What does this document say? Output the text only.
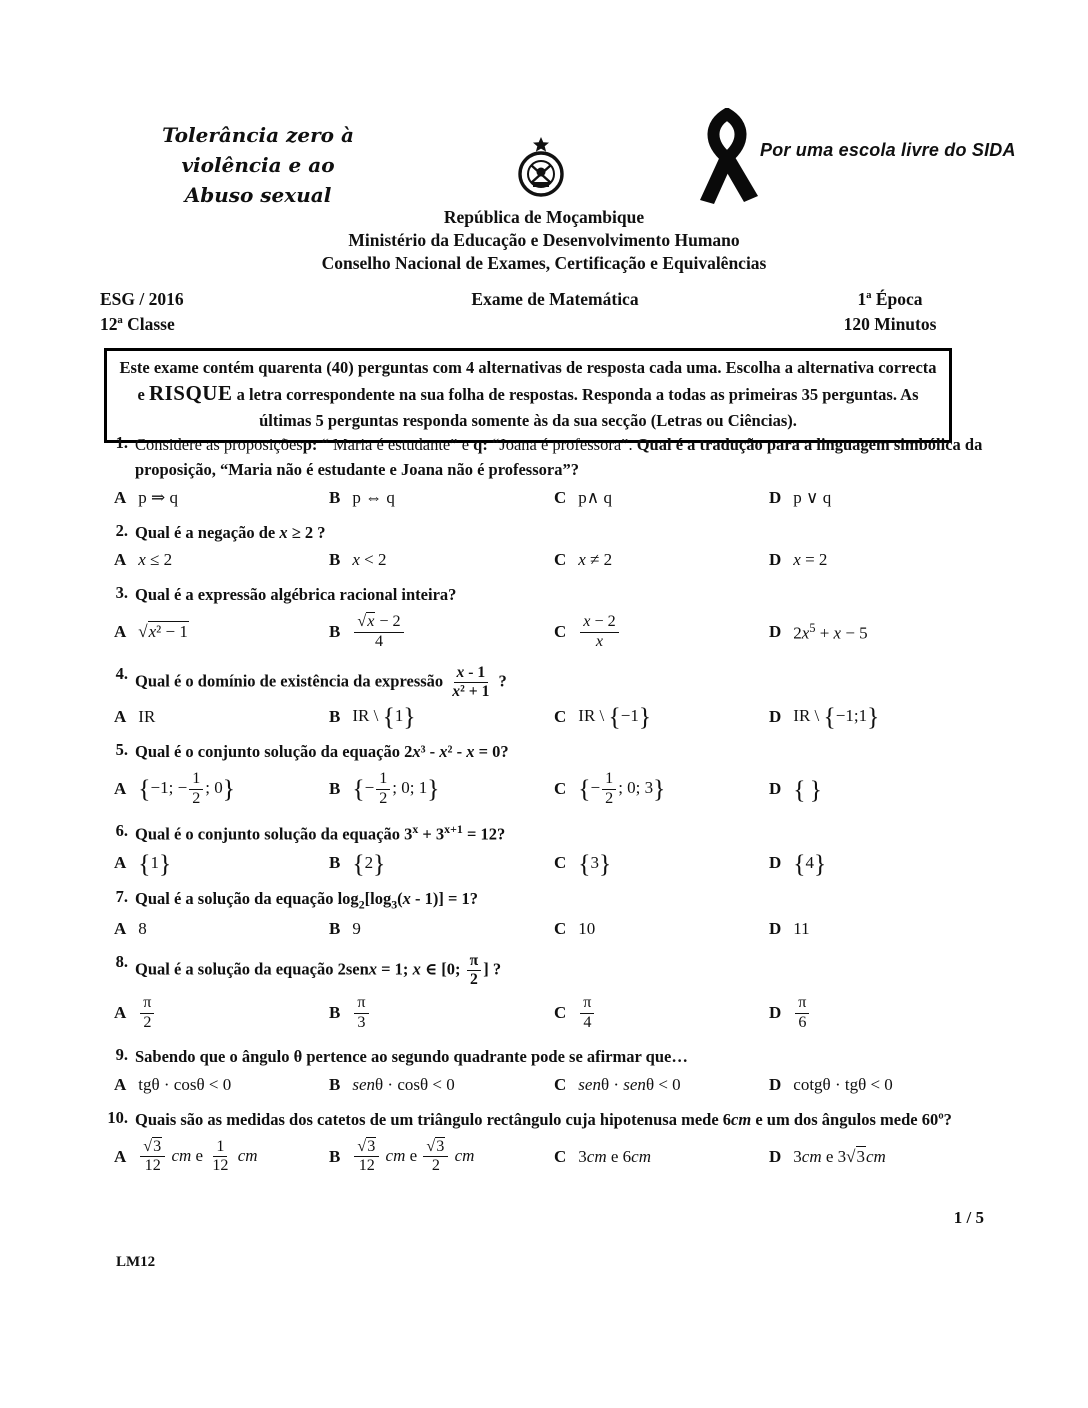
Tolerância zero à violência e ao
Abuso sexual
Por uma escola livre do SIDA
República de Moçambique
Ministério da Educação e Desenvolvimento Humano
Conselho Nacional de Exames, Certificação e Equivalências
ESG / 2016
12ª Classe
Exame de Matemática	1ª Época
120 Minutos
Este exame contém quarenta (40) perguntas com 4 alternativas de resposta cada uma. Escolha a alternativa correcta e RISQUE a letra correspondente na sua folha de respostas. Responda a todas as primeiras 35 perguntas. As últimas 5 perguntas responda somente às da sua secção (Letras ou Ciências).
1. Considere as proposiçõesp: “ Maria é estudante” e q: “Joana é professora”. Qual é a tradução para a linguagem simbólica da proposição, “Maria não é estudante e Joana não é professora”?
A p ⇒ q	B p ⇔ q	C p∧ q	D p ∨ q
2. Qual é a negação de x ≥ 2 ?
A x ≤ 2	B x < 2	C x ≠ 2	D x = 2
3. Qual é a expressão algébrica racional inteira?
A √x² − 1	B $\frac{√x - 2}{4}$	C $\frac{x - 2}{x}$	D $2x^5 + x - 5$
4. Qual é o domínio de existência da expressão $\frac{x - 1}{\text{x² + 1}}$ ?
A IR	B IR \ {1}	C IR \ {−1}	D IR \ {−1;1}
5. Qual é o conjunto solução da equação 2x³ - x² - x = 0?
A {−1; − $\frac{1}{2}$ ; 0}	B {− $\frac{1}{2}$ ; 0; 1}	C {− $\frac{1}{2}$ ; 0; 3}	D { }
6. Qual é o conjunto solução da equação $3^x + 3^{x+1} = 12$?
A {1}	B {2}	C {3}	D {4}
7. Qual é a solução da equação $\log_2[\log_3(x - 1)] = 1$?
A 8	B 9	C 10	D 11
8. Qual é a solução da equação 2senx = 1; x ∈ [0; $\frac{\pi}{2}$ ] ?
A $\frac{\pi}{2}$	B $\frac{\pi}{3}$	C $\frac{\pi}{4}$	D $\frac{\pi}{6}$
9. Sabendo que o ângulo θ pertence ao segundo quadrante pode se afirmar que…
A tgθ · cosθ < 0	B senθ · cosθ < 0	C senθ · senθ < 0	D cotgθ · tgθ < 0
10. Quais são as medidas dos catetos de um triângulo rectângulo cuja hipotenusa mede 6cm e um dos ângulos mede 60º?
A $\frac{√3}{12}$ cm e $\frac{1}{12}$ cm	B $\frac{√3}{12}$ cm e $\frac{√3}{2}$ cm	C 3cm e 6cm	D 3cm e 3√3cm
1 / 5
LM12
